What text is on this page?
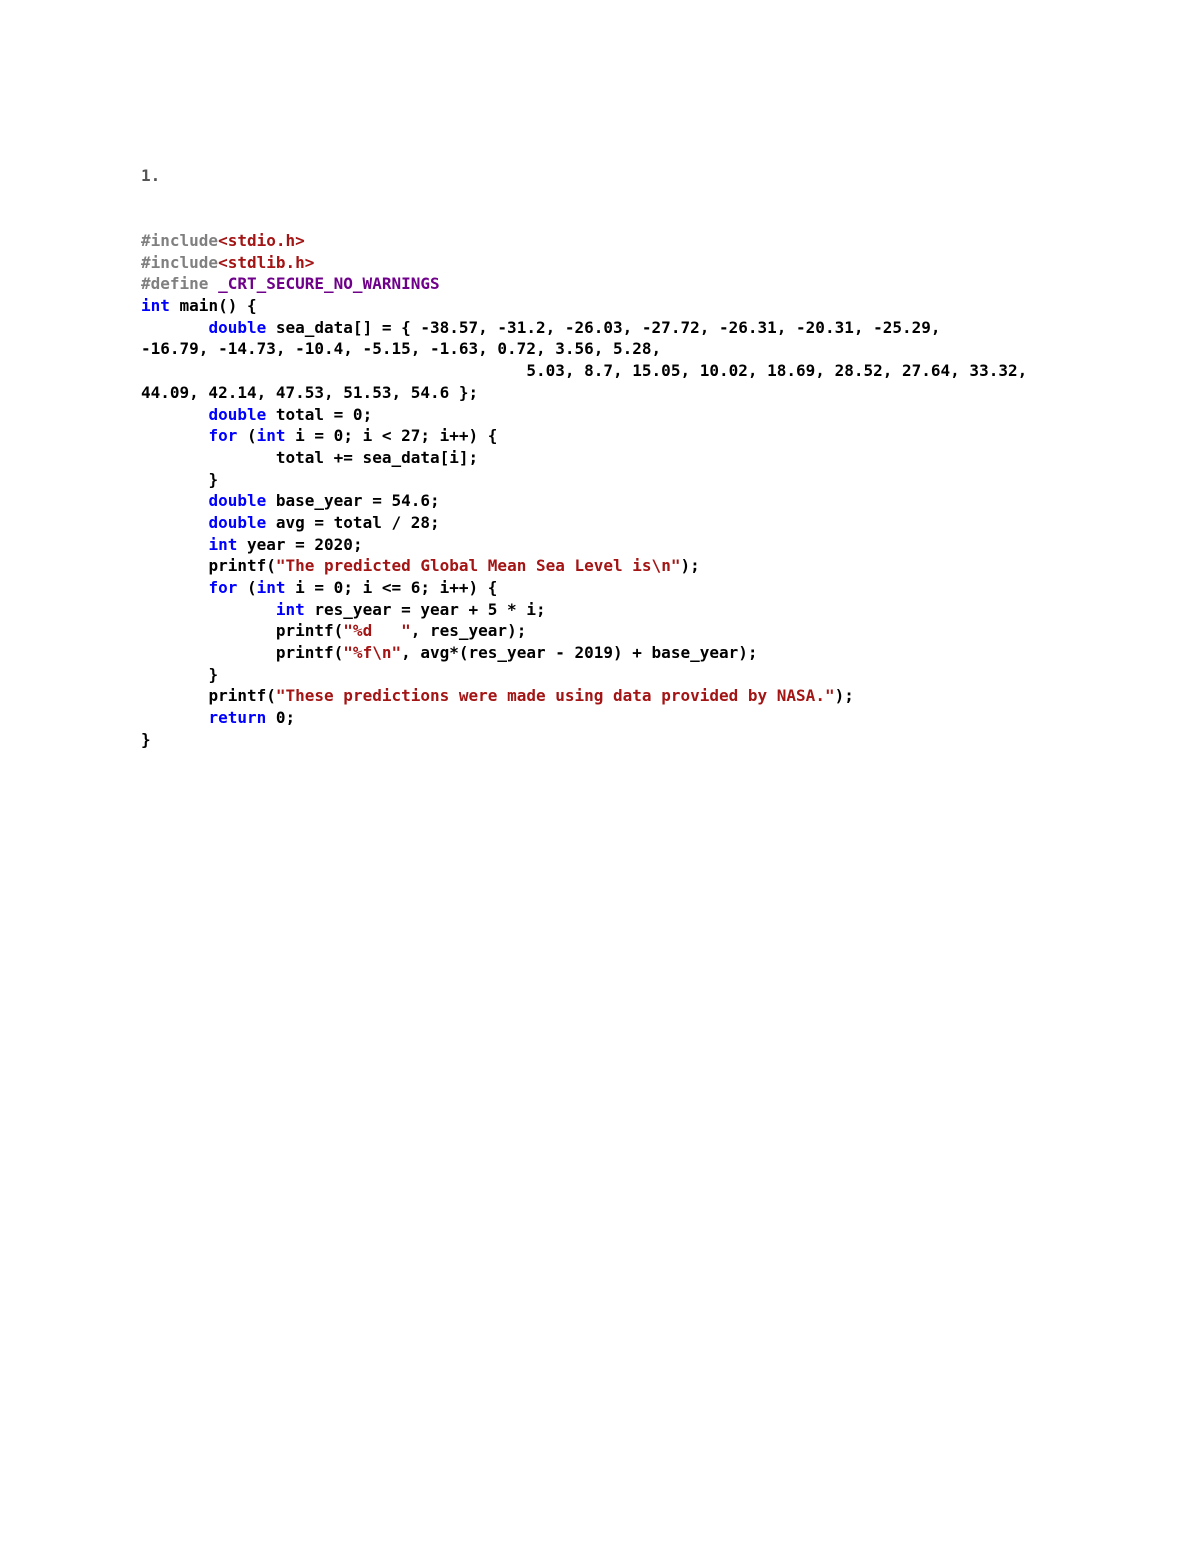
1.
#include<stdio.h>
#include<stdlib.h>
#define _CRT_SECURE_NO_WARNINGS
int main() {
	double sea_data[] = { -38.57, -31.2, -26.03, -27.72, -26.31, -20.31, -25.29,
-16.79, -14.73, -10.4, -5.15, -1.63, 0.72, 3.56, 5.28,
					5.03, 8.7, 15.05, 10.02, 18.69, 28.52, 27.64, 33.32,
44.09, 42.14, 47.53, 51.53, 54.6 };
	double total = 0;
	for (int i = 0; i < 27; i++) {
		total += sea_data[i];
	}
	double base_year = 54.6;
	double avg = total / 28;
	int year = 2020;
	printf("The predicted Global Mean Sea Level is\n");
	for (int i = 0; i <= 6; i++) {
		int res_year = year + 5 * i;
		printf("%d   ", res_year);
		printf("%f\n", avg*(res_year - 2019) + base_year);
	}
	printf("These predictions were made using data provided by NASA.");
	return 0;
}
